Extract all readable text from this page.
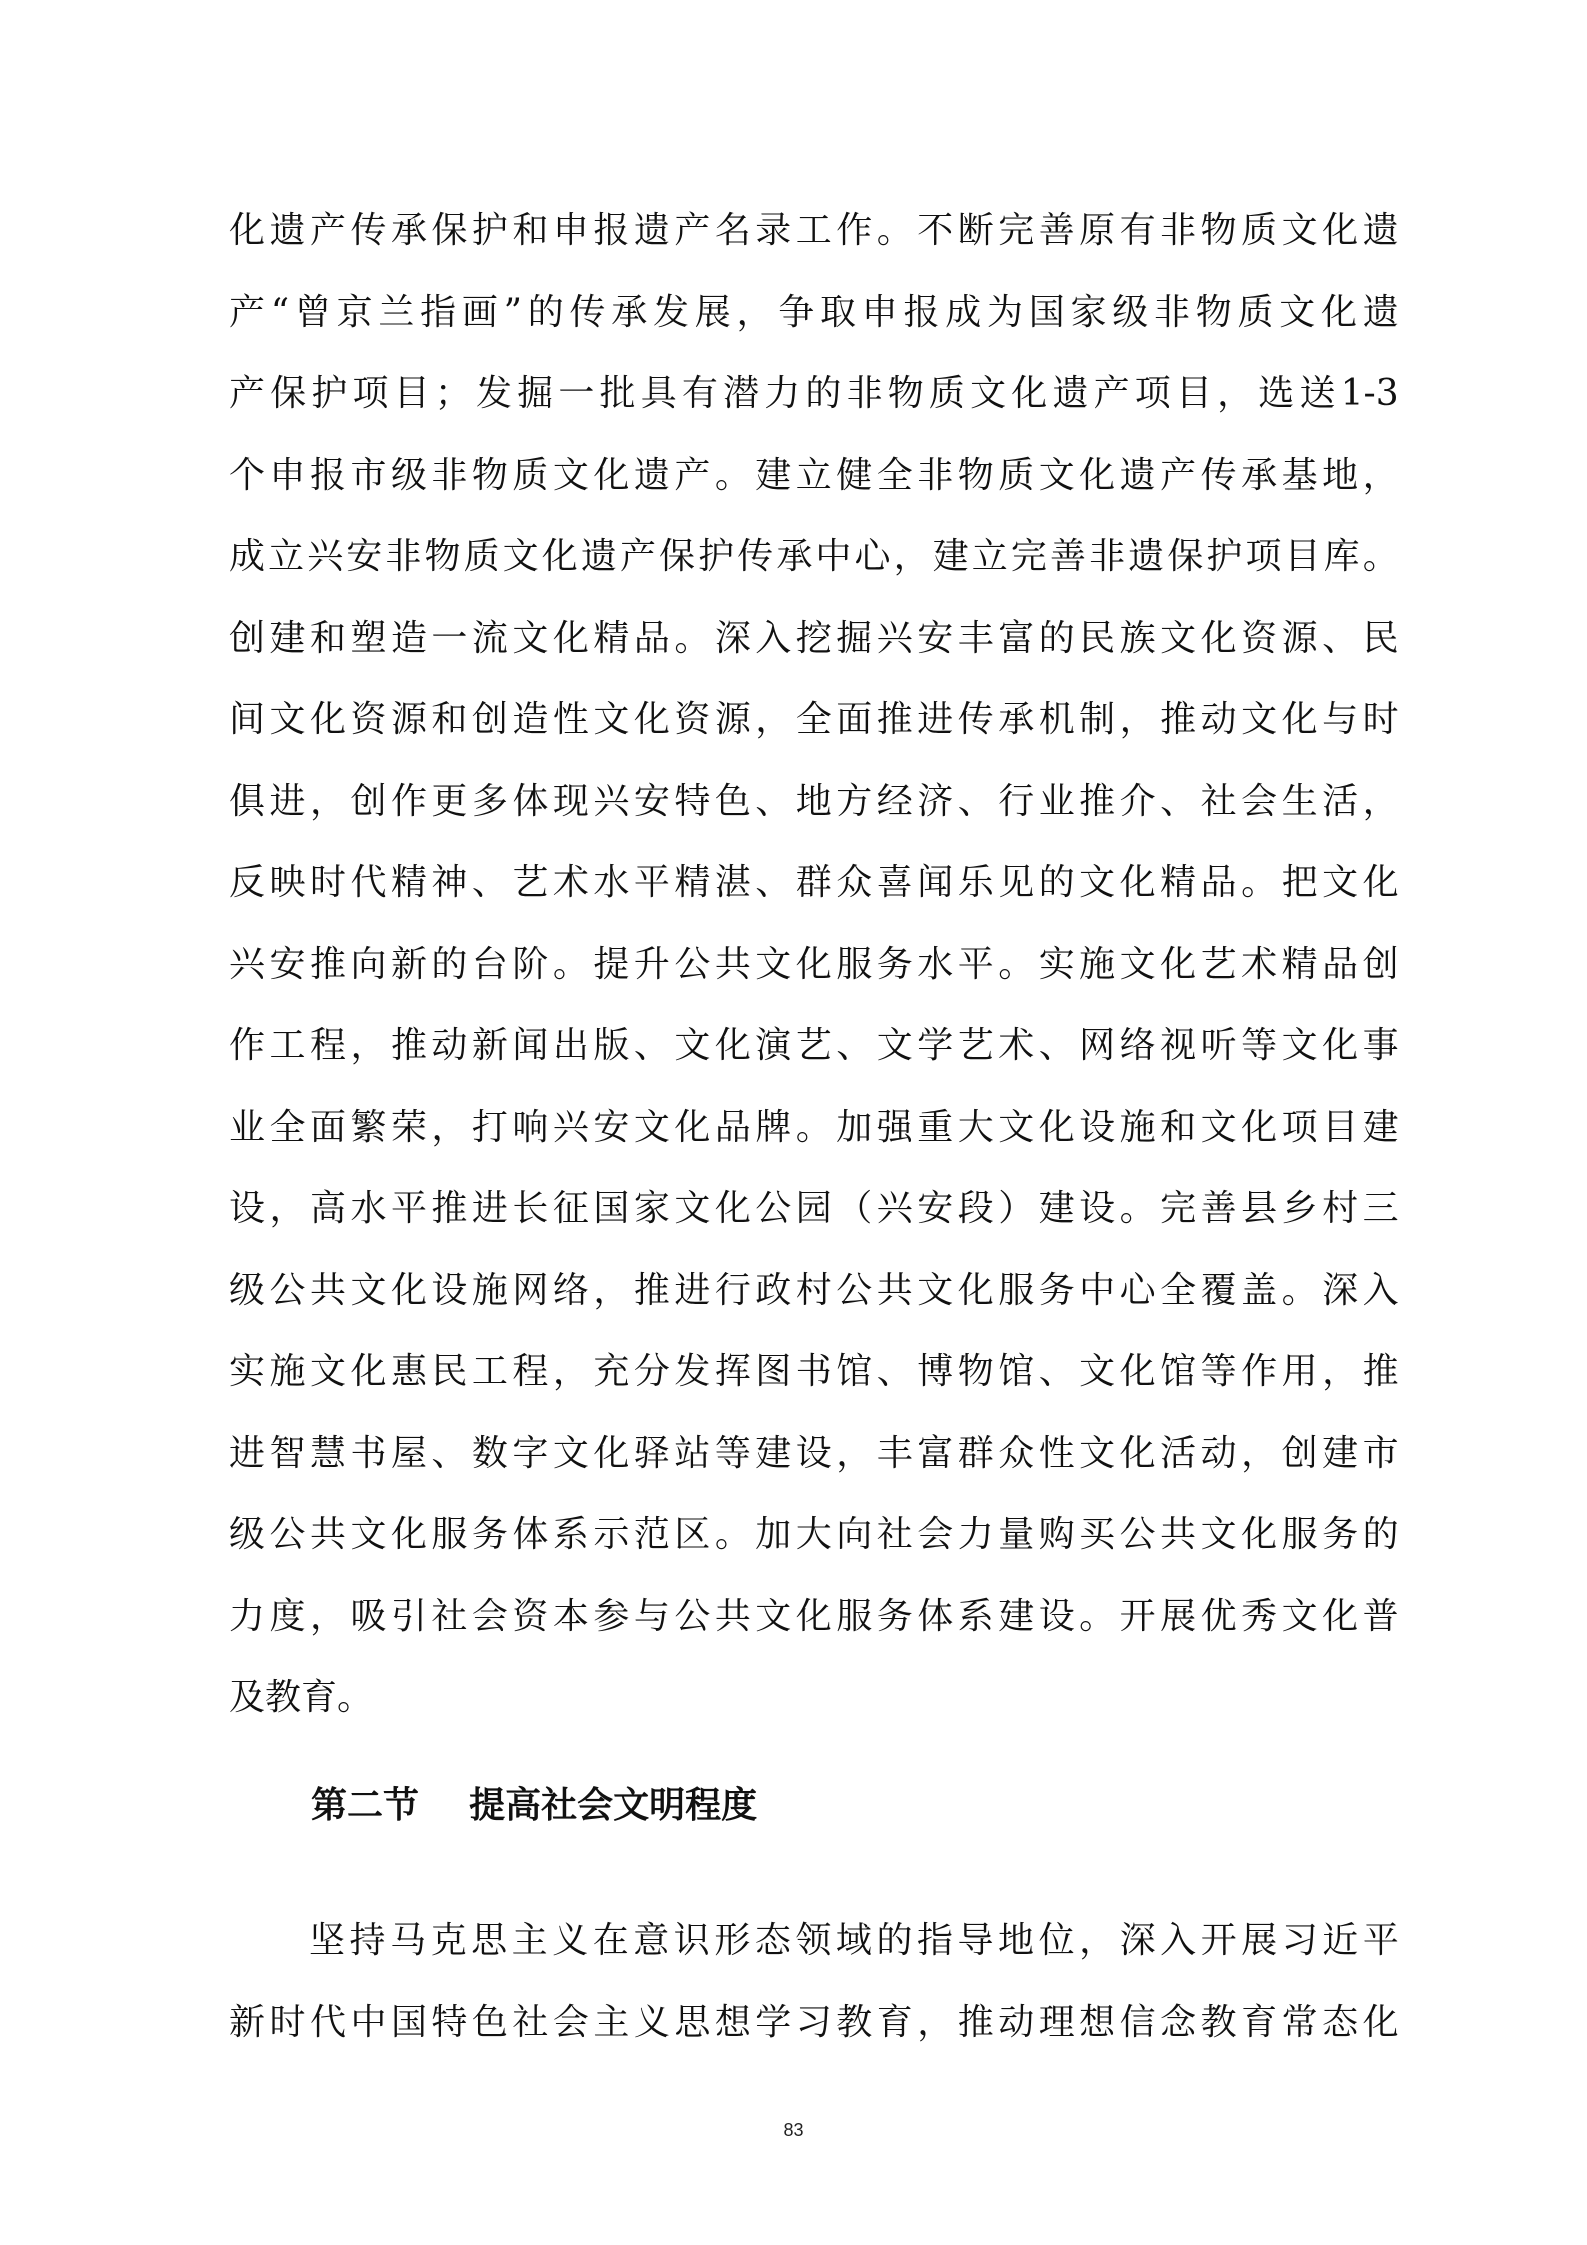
化 遗 产 传 承 保 护 和 申 报 遗 产 名 录 工 作 。 不 断 完 善 原 有 非 物 质 文 化 遗
产 “ 曾 京 兰 指 画 ” 的 传 承 发 展 ， 争 取 申 报 成 为 国 家 级 非 物 质 文 化 遗
产 保 护 项 目 ； 发 掘 一 批 具 有 潜 力 的 非 物 质 文 化 遗 产 项 目 ， 选 送 1-3
个 申 报 市 级 非 物 质 文 化 遗 产 。 建 立 健 全 非 物 质 文 化 遗 产 传 承 基 地 ，
成 立 兴 安 非 物 质 文 化 遗 产 保 护 传 承 中 心 ， 建 立 完 善 非 遗 保 护 项 目 库 。
创 建 和 塑 造 一 流 文 化 精 品 。 深 入 挖 掘 兴 安 丰 富 的 民 族 文 化 资 源 、 民
间 文 化 资 源 和 创 造 性 文 化 资 源 ， 全 面 推 进 传 承 机 制 ， 推 动 文 化 与 时
俱 进 ， 创 作 更 多 体 现 兴 安 特 色 、 地 方 经 济 、 行 业 推 介 、 社 会 生 活 ，
反 映 时 代 精 神 、 艺 术 水 平 精 湛 、 群 众 喜 闻 乐 见 的 文 化 精 品 。 把 文 化
兴 安 推 向 新 的 台 阶 。 提 升 公 共 文 化 服 务 水 平 。 实 施 文 化 艺 术 精 品 创
作 工 程 ， 推 动 新 闻 出 版 、 文 化 演 艺 、 文 学 艺 术 、 网 络 视 听 等 文 化 事
业 全 面 繁 荣 ， 打 响 兴 安 文 化 品 牌 。 加 强 重 大 文 化 设 施 和 文 化 项 目 建
设 ， 高 水 平 推 进 长 征 国 家 文 化 公 园 （ 兴 安 段 ） 建 设 。 完 善 县 乡 村 三
级 公 共 文 化 设 施 网 络 ， 推 进 行 政 村 公 共 文 化 服 务 中 心 全 覆 盖 。 深 入
实 施 文 化 惠 民 工 程 ， 充 分 发 挥 图 书 馆 、 博 物 馆 、 文 化 馆 等 作 用 ， 推
进 智 慧 书 屋 、 数 字 文 化 驿 站 等 建 设 ， 丰 富 群 众 性 文 化 活 动 ， 创 建 市
级 公 共 文 化 服 务 体 系 示 范 区 。 加 大 向 社 会 力 量 购 买 公 共 文 化 服 务 的
力 度 ， 吸 引 社 会 资 本 参 与 公 共 文 化 服 务 体 系 建 设 。 开 展 优 秀 文 化 普
及教育。
第二节    提高社会文明程度
坚 持 马 克 思 主 义 在 意 识 形 态 领 域 的 指 导 地 位 ， 深 入 开 展 习 近 平
新 时 代 中 国 特 色 社 会 主 义 思 想 学 习 教 育 ， 推 动 理 想 信 念 教 育 常 态 化
83
